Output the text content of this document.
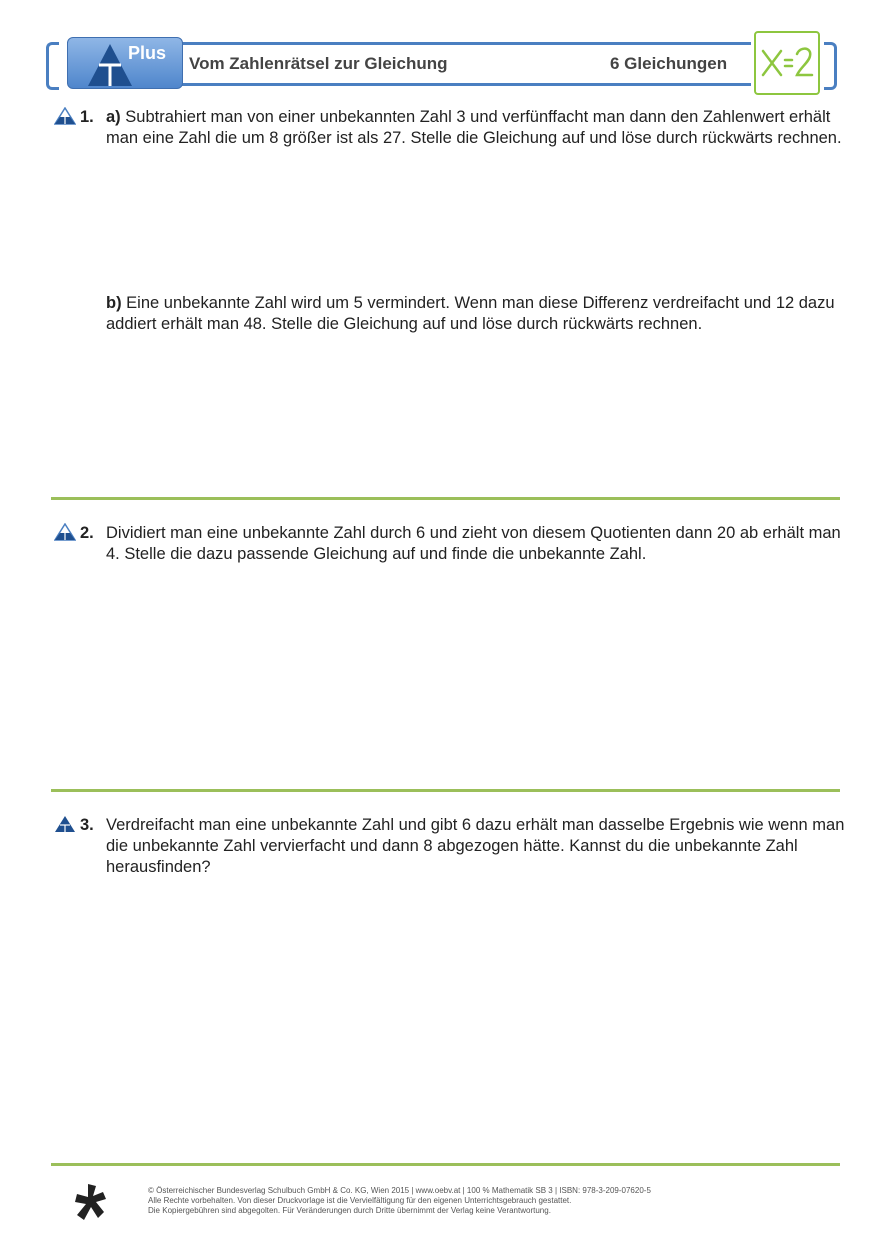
Plus
Vom Zahlenrätsel zur Gleichung	6 Gleichungen
1. a) Subtrahiert man von einer unbekannten Zahl 3 und verfünffacht man dann den Zahlenwert erhält man eine Zahl die um 8 größer ist als 27. Stelle die Gleichung auf und löse durch rückwärts rechnen.
b) Eine unbekannte Zahl wird um 5 vermindert. Wenn man diese Differenz verdreifacht und 12 dazu addiert erhält man 48. Stelle die Gleichung auf und löse durch rückwärts rechnen.
2. Dividiert man eine unbekannte Zahl durch 6 und zieht von diesem Quotienten dann 20 ab erhält man 4. Stelle die dazu passende Gleichung auf und finde die unbekannte Zahl.
3. Verdreifacht man eine unbekannte Zahl und gibt 6 dazu erhält man dasselbe Ergebnis wie wenn man die unbekannte Zahl vervierfacht und dann 8 abgezogen hätte. Kannst du die unbekannte Zahl herausfinden?
© Österreichischer Bundesverlag Schulbuch GmbH & Co. KG, Wien 2015 | www.oebv.at | 100 % Mathematik SB 3 | ISBN: 978-3-209-07620-5
Alle Rechte vorbehalten. Von dieser Druckvorlage ist die Vervielfältigung für den eigenen Unterrichtsgebrauch gestattet.
Die Kopiergebühren sind abgegolten. Für Veränderungen durch Dritte übernimmt der Verlag keine Verantwortung.
